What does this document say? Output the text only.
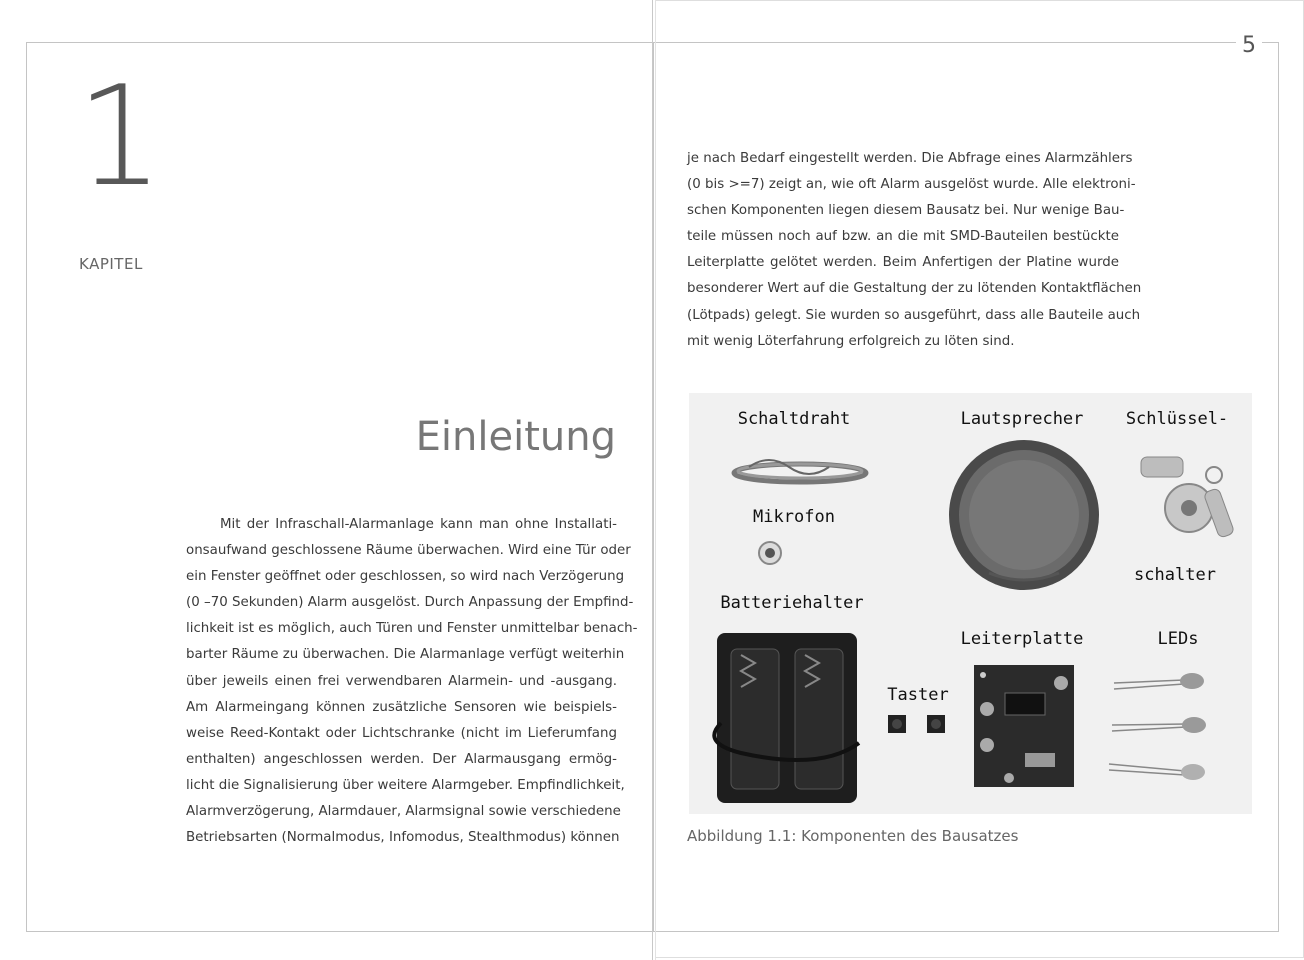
5
1
KAPITEL
Einleitung
Mit der Infraschall-Alarmanlage kann man ohne Installati-
onsaufwand geschlossene Räume überwachen. Wird eine Tür oder
ein Fenster geöffnet oder geschlossen, so wird nach Verzögerung
(0 –70 Sekunden) Alarm ausgelöst. Durch Anpassung der Empfind-
lichkeit ist es möglich, auch Türen und Fenster unmittelbar benach-
barter Räume zu überwachen. Die Alarmanlage verfügt weiterhin
über jeweils einen frei verwendbaren Alarmein- und -ausgang.
Am Alarmeingang können zusätzliche Sensoren wie beispiels-
weise Reed-Kontakt oder Lichtschranke (nicht im Lieferumfang
enthalten) angeschlossen werden. Der Alarmausgang ermög-
licht die Signalisierung über weitere Alarmgeber. Empfindlichkeit,
Alarmverzögerung, Alarmdauer, Alarmsignal sowie verschiedene
Betriebsarten (Normalmodus, Infomodus, Stealthmodus) können
je nach Bedarf eingestellt werden. Die Abfrage eines Alarmzählers
(0 bis >=7) zeigt an, wie oft Alarm ausgelöst wurde. Alle elektroni-
schen Komponenten liegen diesem Bausatz bei. Nur wenige Bau-
teile müssen noch auf bzw. an die mit SMD-Bauteilen bestückte
Leiterplatte gelötet werden. Beim Anfertigen der Platine wurde
besonderer Wert auf die Gestaltung der zu lötenden Kontaktflächen
(Lötpads) gelegt. Sie wurden so ausgeführt, dass alle Bauteile auch
mit wenig Löterfahrung erfolgreich zu löten sind.
Schaltdraht	Lautsprecher Schlüssel-
Mikrofon
schalter
Batteriehalter
Leiterplatte	LEDs
Taster
Abbildung 1.1: Komponenten des Bausatzes
